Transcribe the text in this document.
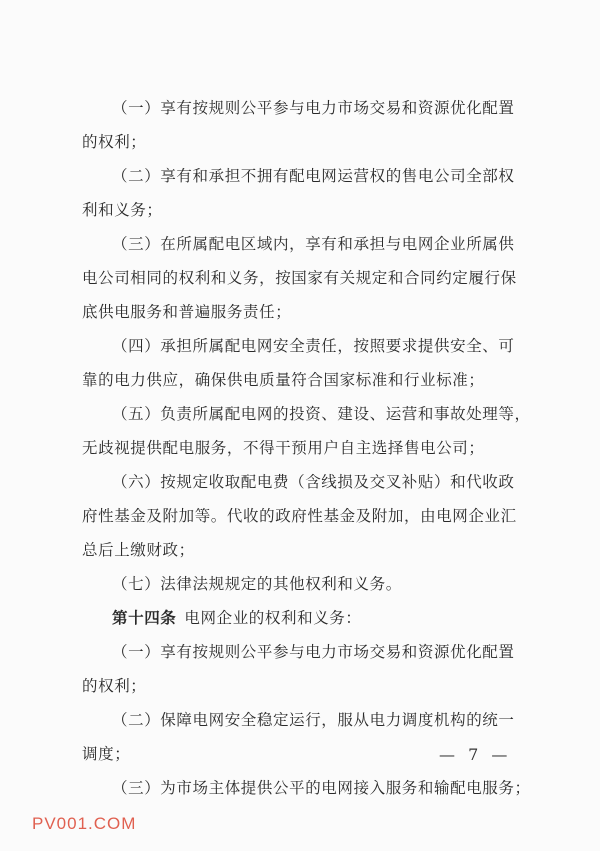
（一）享有按规则公平参与电力市场交易和资源优化配置
的权利；
（二）享有和承担不拥有配电网运营权的售电公司全部权
利和义务；
（三）在所属配电区域内，享有和承担与电网企业所属供
电公司相同的权利和义务，按国家有关规定和合同约定履行保
底供电服务和普遍服务责任；
（四）承担所属配电网安全责任，按照要求提供安全、可
靠的电力供应，确保供电质量符合国家标准和行业标准；
（五）负责所属配电网的投资、建设、运营和事故处理等，
无歧视提供配电服务，不得干预用户自主选择售电公司；
（六）按规定收取配电费（含线损及交叉补贴）和代收政
府性基金及附加等。代收的政府性基金及附加，由电网企业汇
总后上缴财政；
（七）法律法规规定的其他权利和义务。
第十四条 电网企业的权利和义务：
（一）享有按规则公平参与电力市场交易和资源优化配置
的权利；
（二）保障电网安全稳定运行，服从电力调度机构的统一
调度；
（三）为市场主体提供公平的电网接入服务和输配电服务；
— 7 —
PV001.COM
